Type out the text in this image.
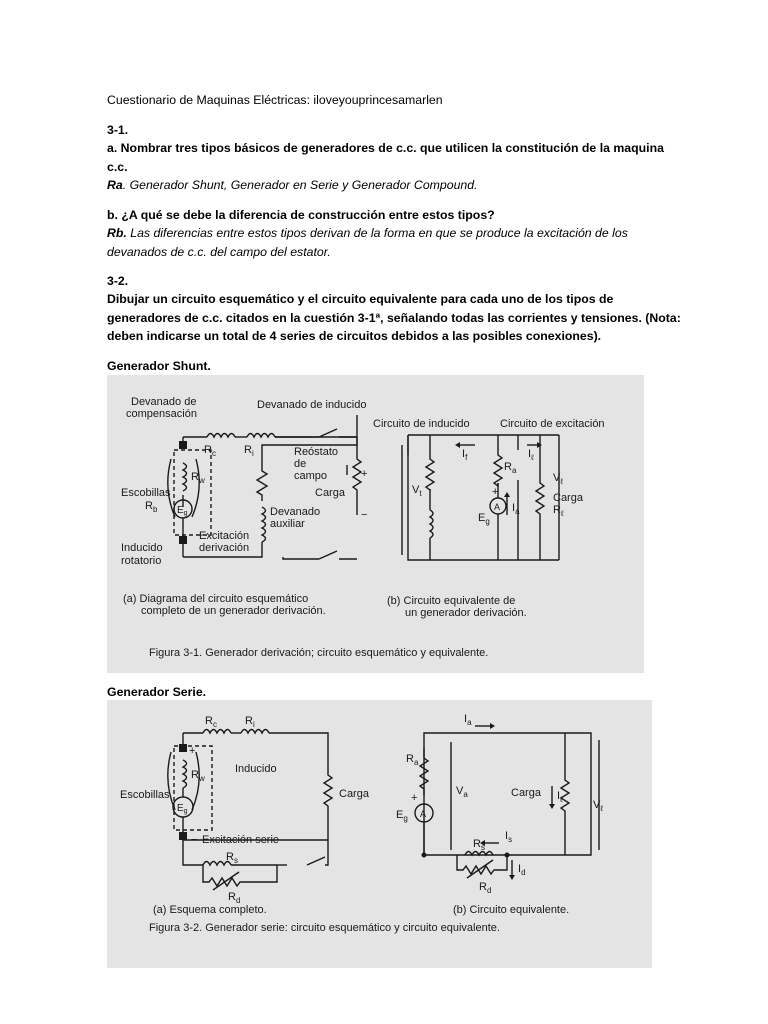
Cuestionario de Maquinas Eléctricas: iloveyouprincesamarlen
3-1.
a. Nombrar tres tipos básicos de generadores de c.c. que utilicen la constitución de la maquina
c.c.
Ra. Generador Shunt, Generador en Serie y Generador Compound.
b. ¿A qué se debe la diferencia de construcción entre estos tipos?
Rb. Las diferencias entre estos tipos derivan de la forma en que se produce la excitación de los
devanados de c.c. del campo del estator.
3-2.
Dibujar un circuito esquemático y el circuito equivalente para cada uno de los tipos de
generadores de c.c. citados en la cuestión 3-1ª, señalando todas las corrientes y tensiones. (Nota:
deben indicarse un total de 4 series de circuitos debidos a las posibles conexiones).
Generador Shunt.
Devanado de
compensación
Devanado de inducido
$R_c$	$R_i$	Reóstato
de
campo
$R_w$
Escobillas
$R_b$ $E_g$	Devanado
auxiliar
Carga
+
−
Excitación
derivación
Inducido
rotatorio
Circuito de inducido	Circuito de excitación
$I_f$	$I_\ell$
$R_a$
$V_\ell$
$V_t$	+
$I_a$
$E_g$
A
Carga
$R_\ell$
(a) Diagrama del circuito esquemático
completo de un generador derivación.
(b) Circuito equivalente de
un generador derivación.
Figura 3-1. Generador derivación; circuito esquemático y equivalente.
Generador Serie.
$R_c$	$R_i$
+
$R_w$
Inducido
Escobillas
$E_g$
Carga
− Excitación serie
$R_s$
$R_d$
$I_a$
$R_a$
$V_a$	Carga $I_\ell$	$V_\ell$
+
$E_g$ A
$I_s$
$R_s$
$I_d$
$R_d$
(a) Esquema completo.	(b) Circuito equivalente.
Figura 3-2. Generador serie: circuito esquemático y circuito equivalente.
